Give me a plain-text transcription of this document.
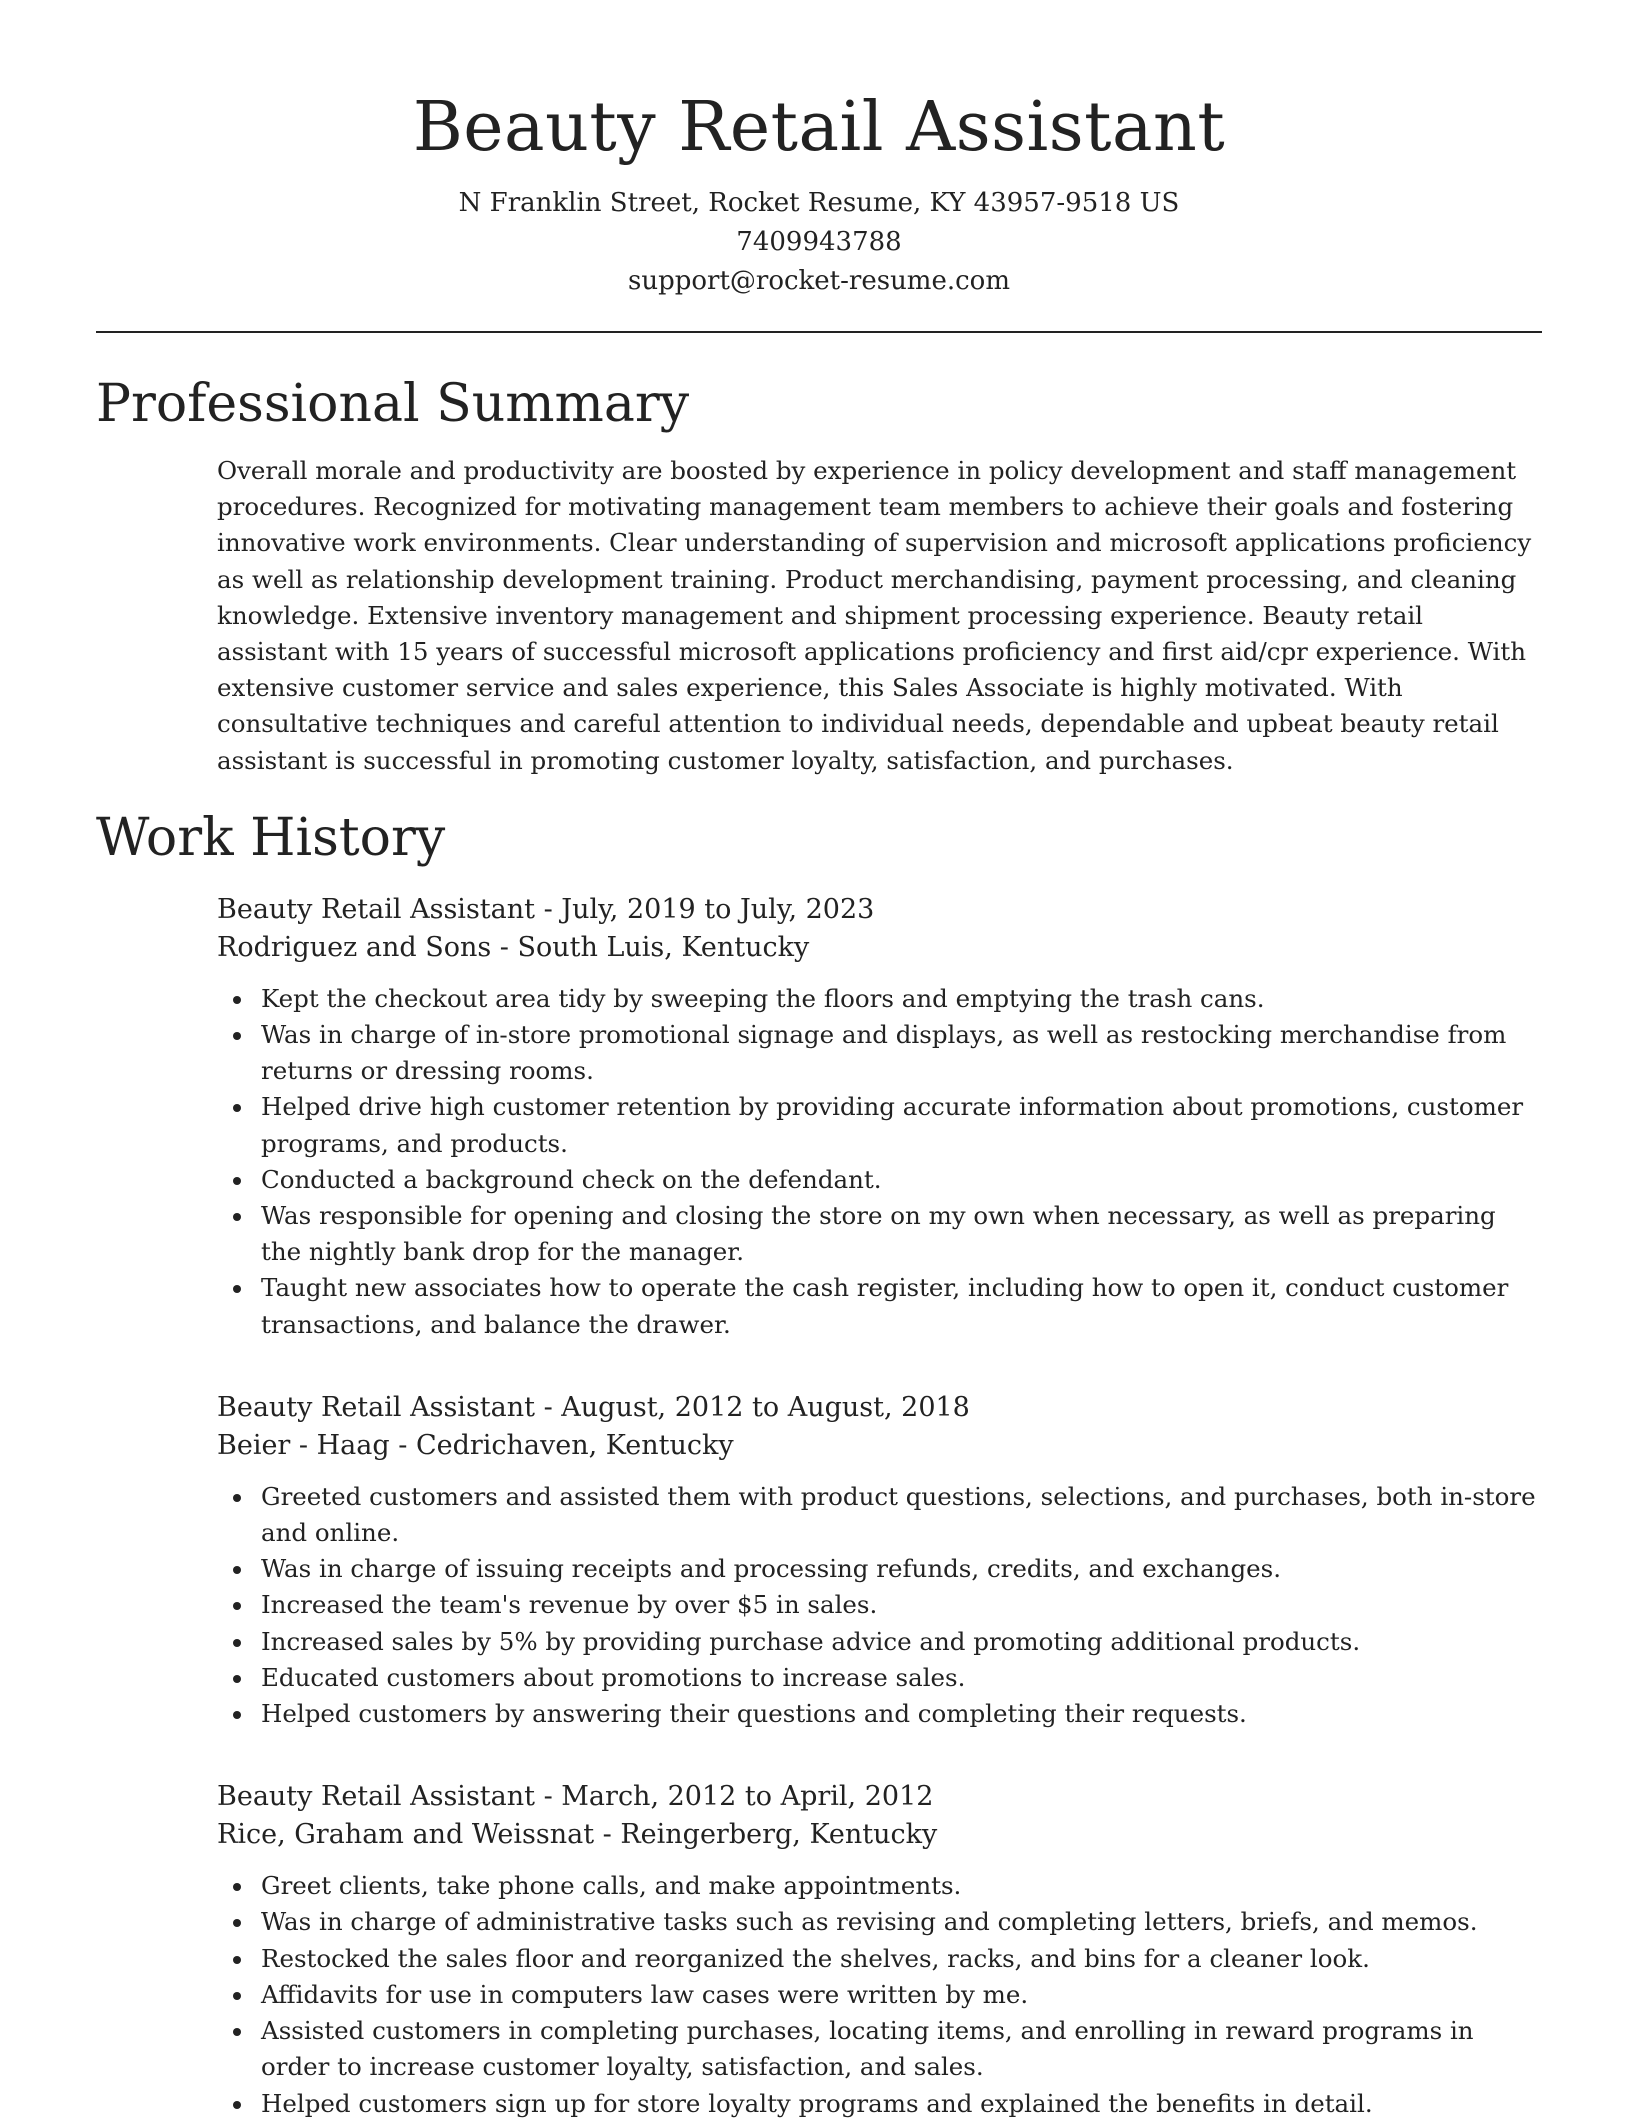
Beauty Retail Assistant
N Franklin Street, Rocket Resume, KY 43957-9518 US
7409943788
support@rocket-resume.com
Professional Summary

Overall morale and productivity are boosted by experience in policy development and staff management procedures. Recognized for motivating management team members to achieve their goals and fostering innovative work environments. Clear understanding of supervision and microsoft applications proficiency as well as relationship development training. Product merchandising, payment processing, and cleaning knowledge. Extensive inventory management and shipment processing experience. Beauty retail assistant with 15 years of successful microsoft applications proficiency and first aid/cpr experience. With extensive customer service and sales experience, this Sales Associate is highly motivated. With consultative techniques and careful attention to individual needs, dependable and upbeat beauty retail assistant is successful in promoting customer loyalty, satisfaction, and purchases.

Work History
Beauty Retail Assistant - July, 2019 to July, 2023
Rodriguez and Sons - South Luis, Kentucky
Kept the checkout area tidy by sweeping the floors and emptying the trash cans.
Was in charge of in-store promotional signage and displays, as well as restocking merchandise from returns or dressing rooms.
Helped drive high customer retention by providing accurate information about promotions, customer programs, and products.
Conducted a background check on the defendant.
Was responsible for opening and closing the store on my own when necessary, as well as preparing the nightly bank drop for the manager.
Taught new associates how to operate the cash register, including how to open it, conduct customer transactions, and balance the drawer.
Beauty Retail Assistant - August, 2012 to August, 2018
Beier - Haag - Cedrichaven, Kentucky
Greeted customers and assisted them with product questions, selections, and purchases, both in-store and online.
Was in charge of issuing receipts and processing refunds, credits, and exchanges.
Increased the team's revenue by over $5 in sales.
Increased sales by 5% by providing purchase advice and promoting additional products.
Educated customers about promotions to increase sales.
Helped customers by answering their questions and completing their requests.
Beauty Retail Assistant - March, 2012 to April, 2012
Rice, Graham and Weissnat - Reingerberg, Kentucky
Greet clients, take phone calls, and make appointments.
Was in charge of administrative tasks such as revising and completing letters, briefs, and memos.
Restocked the sales floor and reorganized the shelves, racks, and bins for a cleaner look.
Affidavits for use in computers law cases were written by me.
Assisted customers in completing purchases, locating items, and enrolling in reward programs in order to increase customer loyalty, satisfaction, and sales.
Helped customers sign up for store loyalty programs and explained the benefits in detail.
